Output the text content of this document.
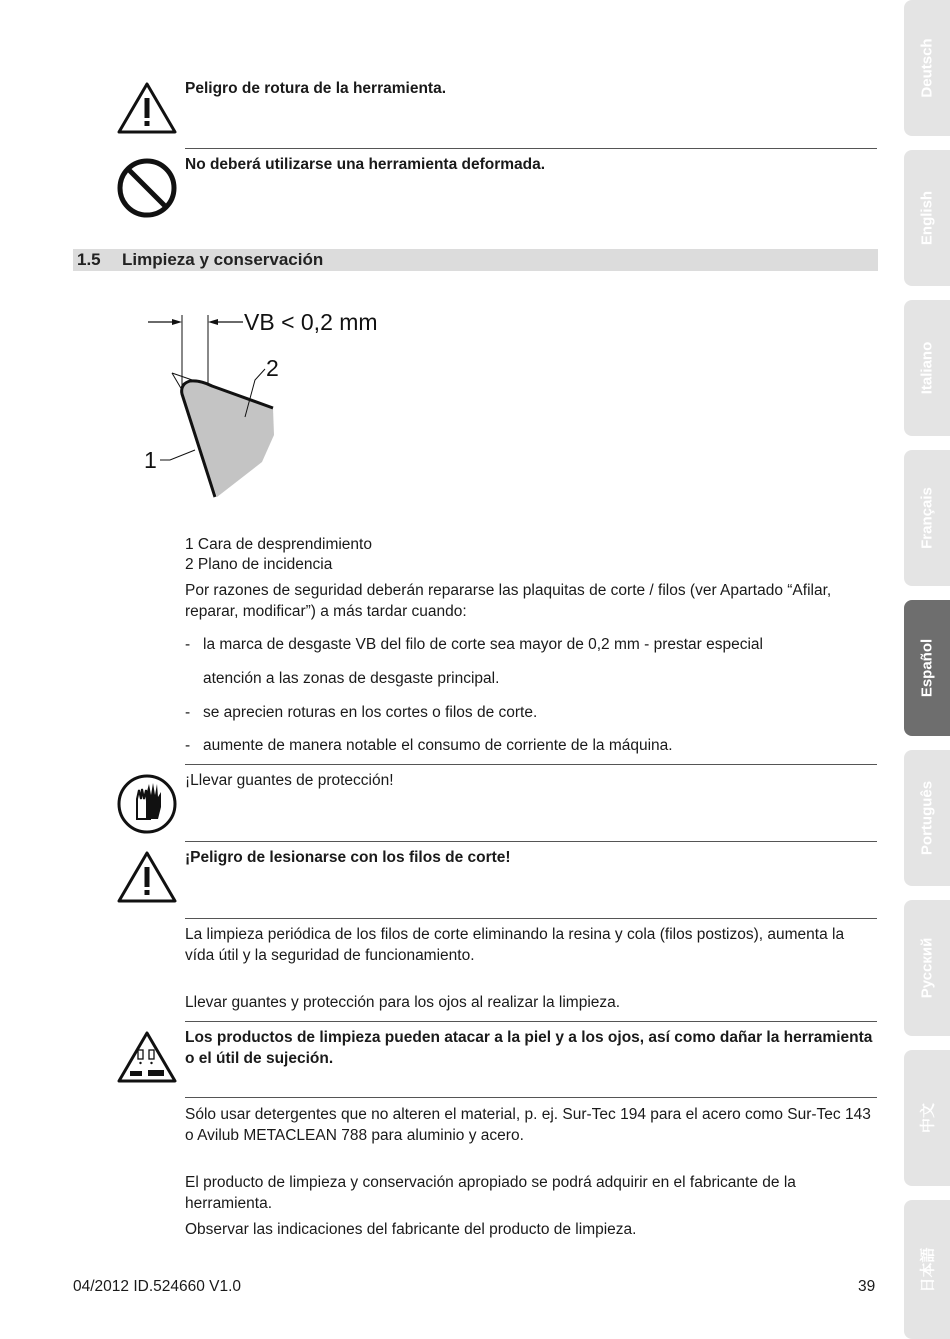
Peligro de rotura de la herramienta.
No deberá utilizarse una herramienta deformada.
1.5 Limpieza y conservación
VB < 0,2 mm
2
1
1 Cara de desprendimiento
2 Plano de incidencia
Por razones de seguridad deberán repararse las plaquitas de corte / filos (ver Apartado “Afilar, reparar, modificar”) a más tardar cuando:
- la marca de desgaste VB del filo de corte sea mayor de 0,2 mm - prestar especial
atención a las zonas de desgaste principal.
- se aprecien roturas en los cortes o filos de corte.
- aumente de manera notable el consumo de corriente de la máquina.
¡Llevar guantes de protección!
¡Peligro de lesionarse con los filos de corte!
La limpieza periódica de los filos de corte eliminando la resina y cola (filos postizos), aumenta la vída útil y la seguridad de funcionamiento.
Llevar guantes y protección para los ojos al realizar la limpieza.
Los productos de limpieza pueden atacar a la piel y a los ojos, así como dañar la herramienta o el útil de sujeción.
Sólo usar detergentes que no alteren el material, p. ej. Sur-Tec 194 para el acero como Sur-Tec 143 o Avilub METACLEAN 788 para aluminio y acero.
El producto de limpieza y conservación apropiado se podrá adquirir en el fabricante de la herramienta.
Observar las indicaciones del fabricante del producto de limpieza.
04/2012 ID.524660 V1.0	39
Deutsch
English
Italiano
Français
Español
Português
Русский
中文
日本語
